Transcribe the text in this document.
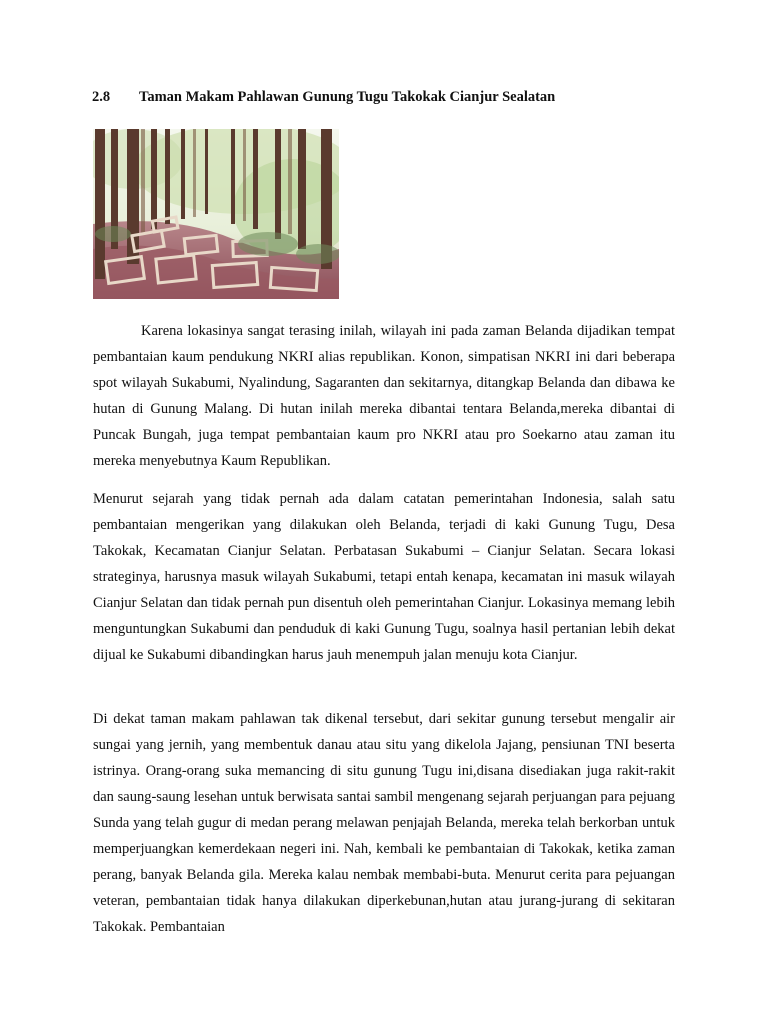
2.8 Taman Makam Pahlawan Gunung Tugu Takokak Cianjur Sealatan

Karena lokasinya sangat terasing inilah, wilayah ini pada zaman Belanda dijadikan tempat pembantaian kaum pendukung NKRI alias republikan. Konon, simpatisan NKRI ini dari beberapa spot wilayah Sukabumi, Nyalindung, Sagaranten dan sekitarnya, ditangkap Belanda dan dibawa ke hutan di Gunung Malang. Di hutan inilah mereka dibantai tentara Belanda,mereka dibantai di Puncak Bungah, juga tempat pembantaian kaum pro NKRI atau pro Soekarno atau zaman itu mereka menyebutnya Kaum Republikan.

Menurut sejarah yang tidak pernah ada dalam catatan pemerintahan Indonesia, salah satu pembantaian mengerikan yang dilakukan oleh Belanda, terjadi di kaki Gunung Tugu, Desa Takokak, Kecamatan Cianjur Selatan. Perbatasan Sukabumi – Cianjur Selatan. Secara lokasi strateginya, harusnya masuk wilayah Sukabumi, tetapi entah kenapa, kecamatan ini masuk wilayah Cianjur Selatan dan tidak pernah pun disentuh oleh pemerintahan Cianjur. Lokasinya memang lebih menguntungkan Sukabumi dan penduduk di kaki Gunung Tugu, soalnya hasil pertanian lebih dekat dijual ke Sukabumi dibandingkan harus jauh menempuh jalan menuju kota Cianjur.

Di dekat taman makam pahlawan tak dikenal tersebut, dari sekitar gunung tersebut mengalir air sungai yang jernih, yang membentuk danau atau situ yang dikelola Jajang, pensiunan TNI beserta istrinya. Orang-orang suka memancing di situ gunung Tugu ini,disana disediakan juga rakit-rakit dan saung-saung lesehan untuk berwisata santai sambil mengenang sejarah perjuangan para pejuang Sunda yang telah gugur di medan perang melawan penjajah Belanda, mereka telah berkorban untuk memperjuangkan kemerdekaan negeri ini. Nah, kembali ke pembantaian di Takokak, ketika zaman perang, banyak Belanda gila. Mereka kalau nembak membabi-buta. Menurut cerita para pejuangan veteran, pembantaian tidak hanya dilakukan diperkebunan,hutan atau jurang-jurang di sekitaran Takokak. Pembantaian
